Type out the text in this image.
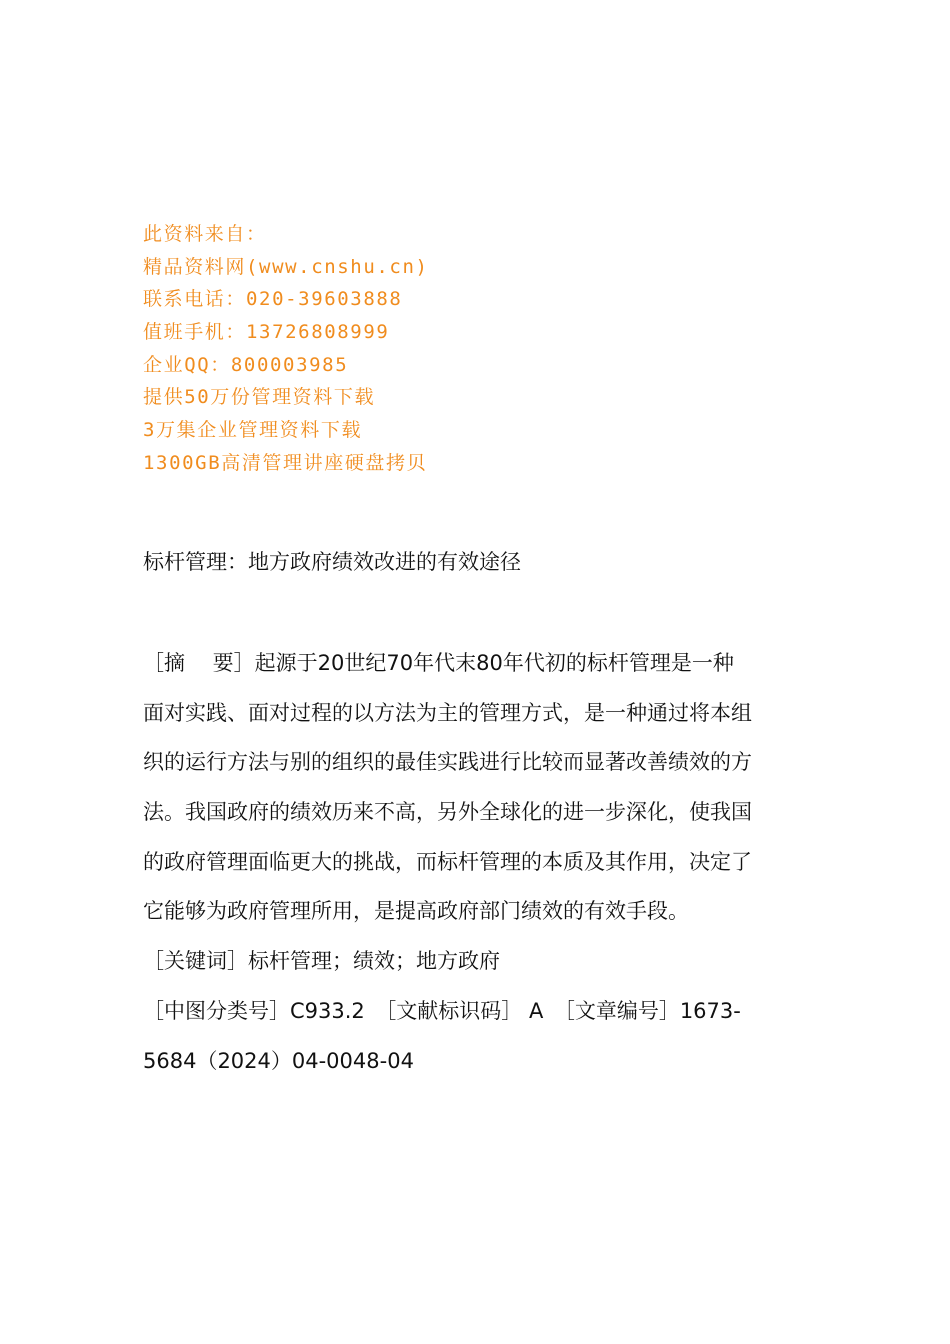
此资料来自：
精品资料网(www.cnshu.cn)
联系电话：020-39603888
值班手机：13726808999
企业QQ：800003985
提供50万份管理资料下载
3万集企业管理资料下载
1300GB高清管理讲座硬盘拷贝
标杆管理：地方政府绩效改进的有效途径
［摘　 要］起源于20世纪70年代末80年代初的标杆管理是一种
面对实践、面对过程的以方法为主的管理方式，是一种通过将本组
织的运行方法与别的组织的最佳实践进行比较而显著改善绩效的方
法。我国政府的绩效历来不高，另外全球化的进一步深化，使我国
的政府管理面临更大的挑战，而标杆管理的本质及其作用，决定了
它能够为政府管理所用，是提高政府部门绩效的有效手段。
［关键词］标杆管理；绩效；地方政府
［中图分类号］C933.2　［文献标识码］ A　［文章编号］1673-
5684（2024）04-0048-04
